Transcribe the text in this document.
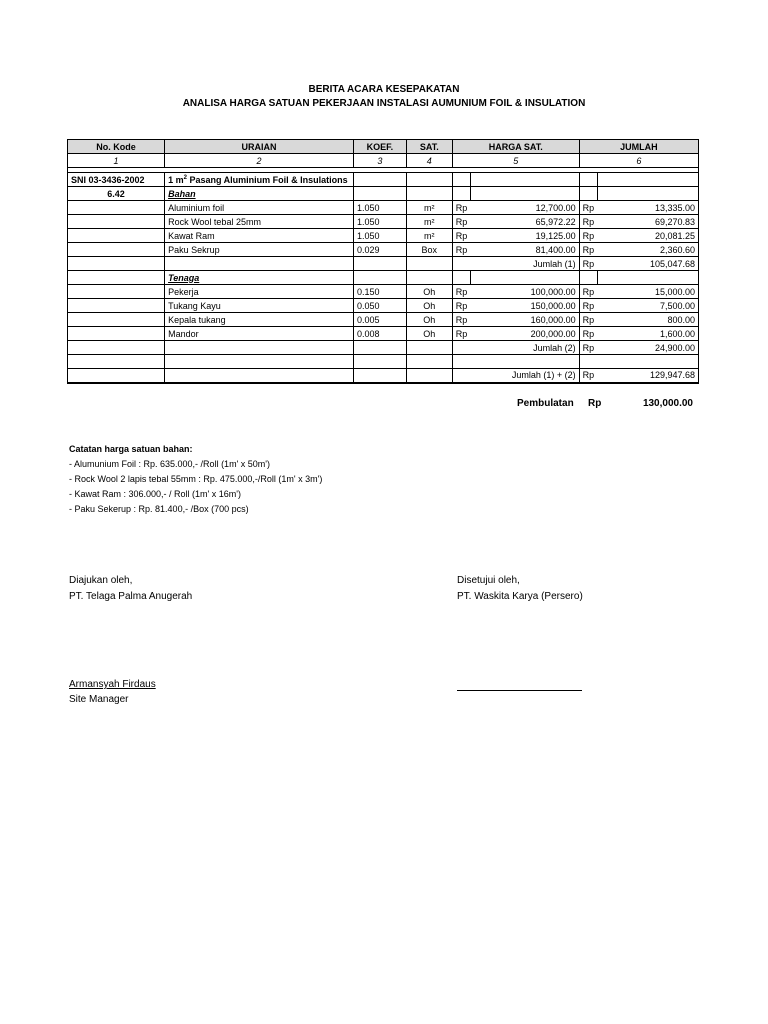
BERITA ACARA KESEPAKATAN
ANALISA HARGA SATUAN PEKERJAAN INSTALASI AUMUNIUM FOIL & INSULATION
No. Kode	URAIAN	KOEF.	SAT.	HARGA SAT.		JUMLAH	
1	2	3	4	5		6	

SNI 03-3436-2002	1 $m^2$ Pasang Aluminium Foil & Insulations						
6.42	Bahan						
	Aluminium foil	1.050	m²	Rp	12,700.00	Rp	13,335.00
	Rock Wool tebal 25mm	1.050	m²	Rp	65,972.22	Rp	69,270.83
	Kawat Ram	1.050	m²	Rp	19,125.00	Rp	20,081.25
	Paku Sekrup	0.029	Box	Rp	81,400.00	Rp	2,360.60
				Jumlah (1)		Rp	105,047.68
	Tenaga						
	Pekerja	0.150	Oh	Rp	100,000.00	Rp	15,000.00
	Tukang Kayu	0.050	Oh	Rp	150,000.00	Rp	7,500.00
	Kepala tukang	0.005	Oh	Rp	160,000.00	Rp	800.00
	Mandor	0.008	Oh	Rp	200,000.00	Rp	1,600.00
				Jumlah (2)		Rp	24,900.00

				Jumlah (1) + (2)		Rp	129,947.68
Pembulatan	Rp	130,000.00
Catatan harga satuan bahan:
- Alumunium Foil : Rp. 635.000,- /Roll (1m' x 50m')
- Rock Wool 2 lapis tebal 55mm : Rp. 475.000,-/Roll (1m' x 3m')
- Kawat Ram : 306.000,- / Roll (1m' x 16m')
- Paku Sekerup : Rp. 81.400,- /Box (700 pcs)
Diajukan oleh,
PT. Telaga Palma Anugerah
Disetujui oleh,
PT. Waskita Karya (Persero)
Armansyah Firdaus
Site Manager
